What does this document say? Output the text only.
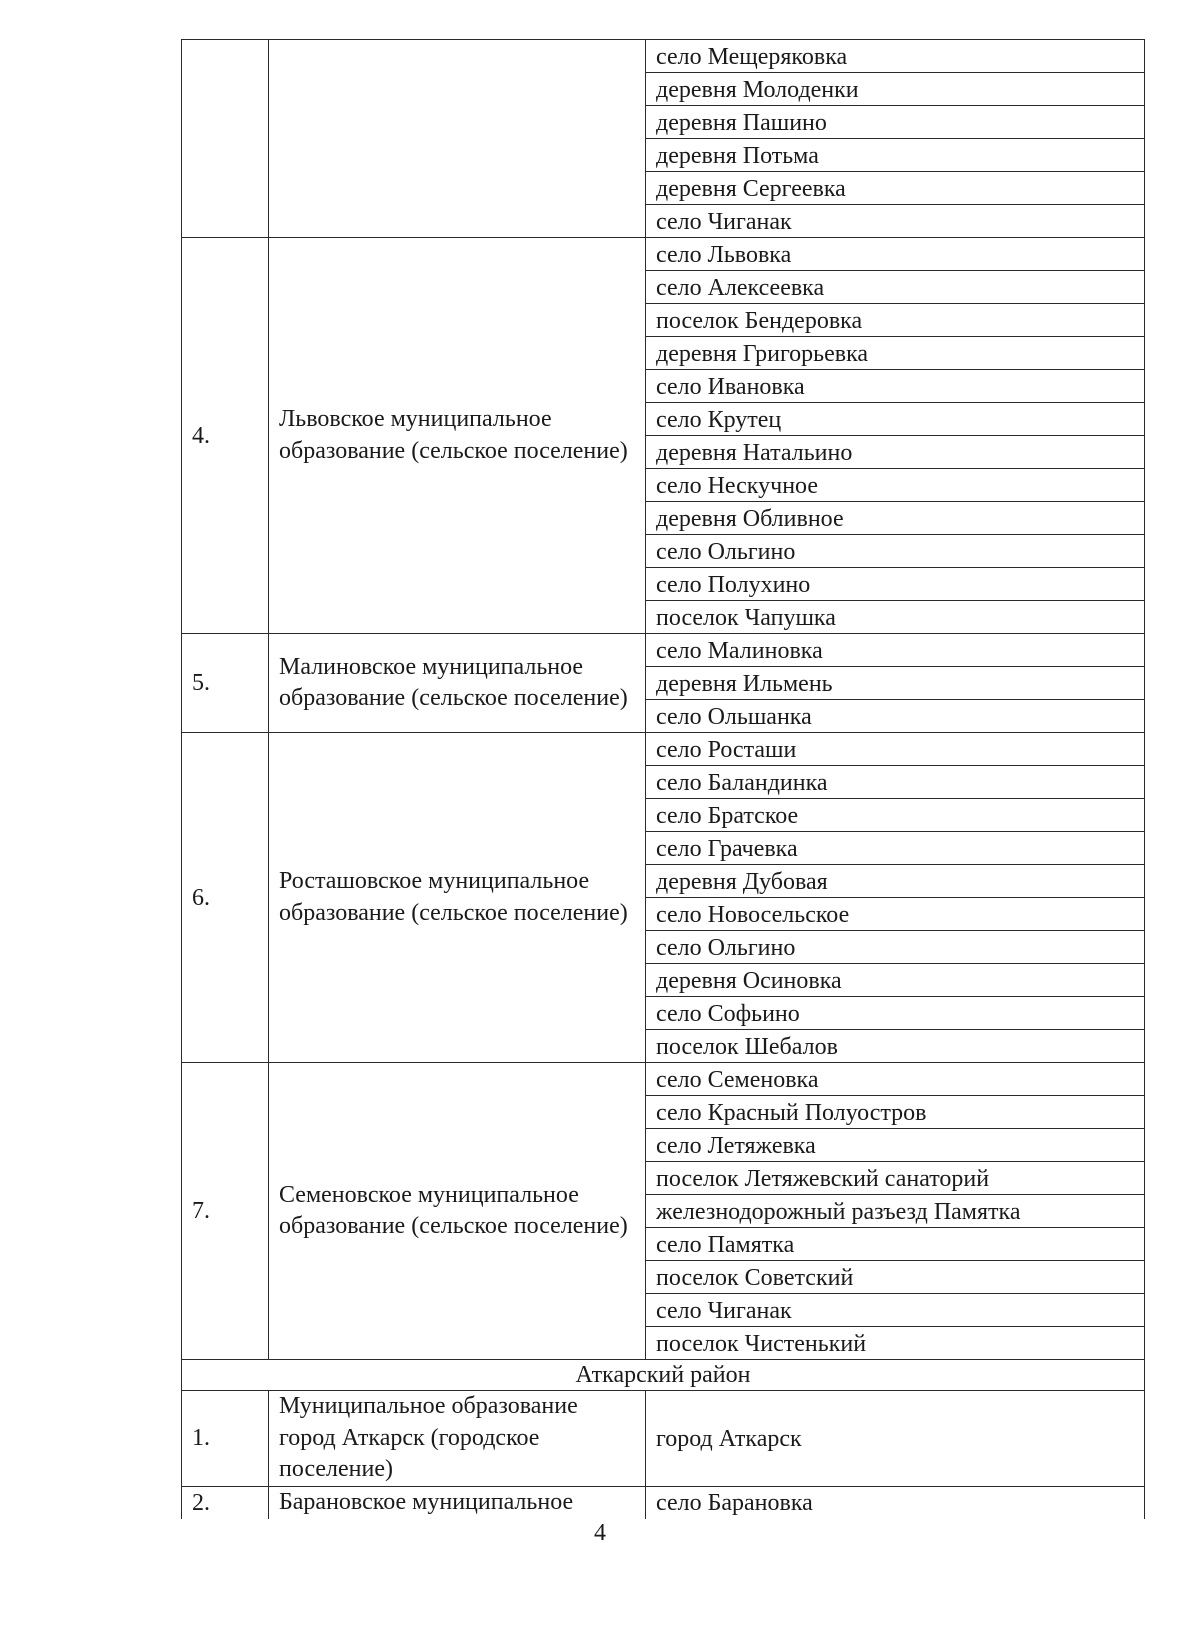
		село Мещеряковка
		деревня Молоденки
		деревня Пашино
		деревня Потьма
		деревня Сергеевка
		село Чиганак
4.	Львовское муниципальное образование (сельское поселение)	село Львовка
		село Алексеевка
		поселок Бендеровка
		деревня Григорьевка
		село Ивановка
		село Крутец
		деревня Натальино
		село Нескучное
		деревня Обливное
		село Ольгино
		село Полухино
		поселок Чапушка
5.	Малиновское муниципальное образование (сельское поселение)	село Малиновка
		деревня Ильмень
		село Ольшанка
6.	Росташовское муниципальное образование (сельское поселение)	село Росташи
		село Баландинка
		село Братское
		село Грачевка
		деревня Дубовая
		село Новосельское
		село Ольгино
		деревня Осиновка
		село Софьино
		поселок Шебалов
7.	Семеновское муниципальное образование (сельское поселение)	село Семеновка
		село Красный Полуостров
		село Летяжевка
		поселок Летяжевский санаторий
		железнодорожный разъезд Памятка
		село Памятка
		поселок Советский
		село Чиганак
		поселок Чистенький
Аткарский район		
1.	Муниципальное образование город Аткарск (городское поселение)	город Аткарск
2.	Барановское муниципальное	село Барановка
4
